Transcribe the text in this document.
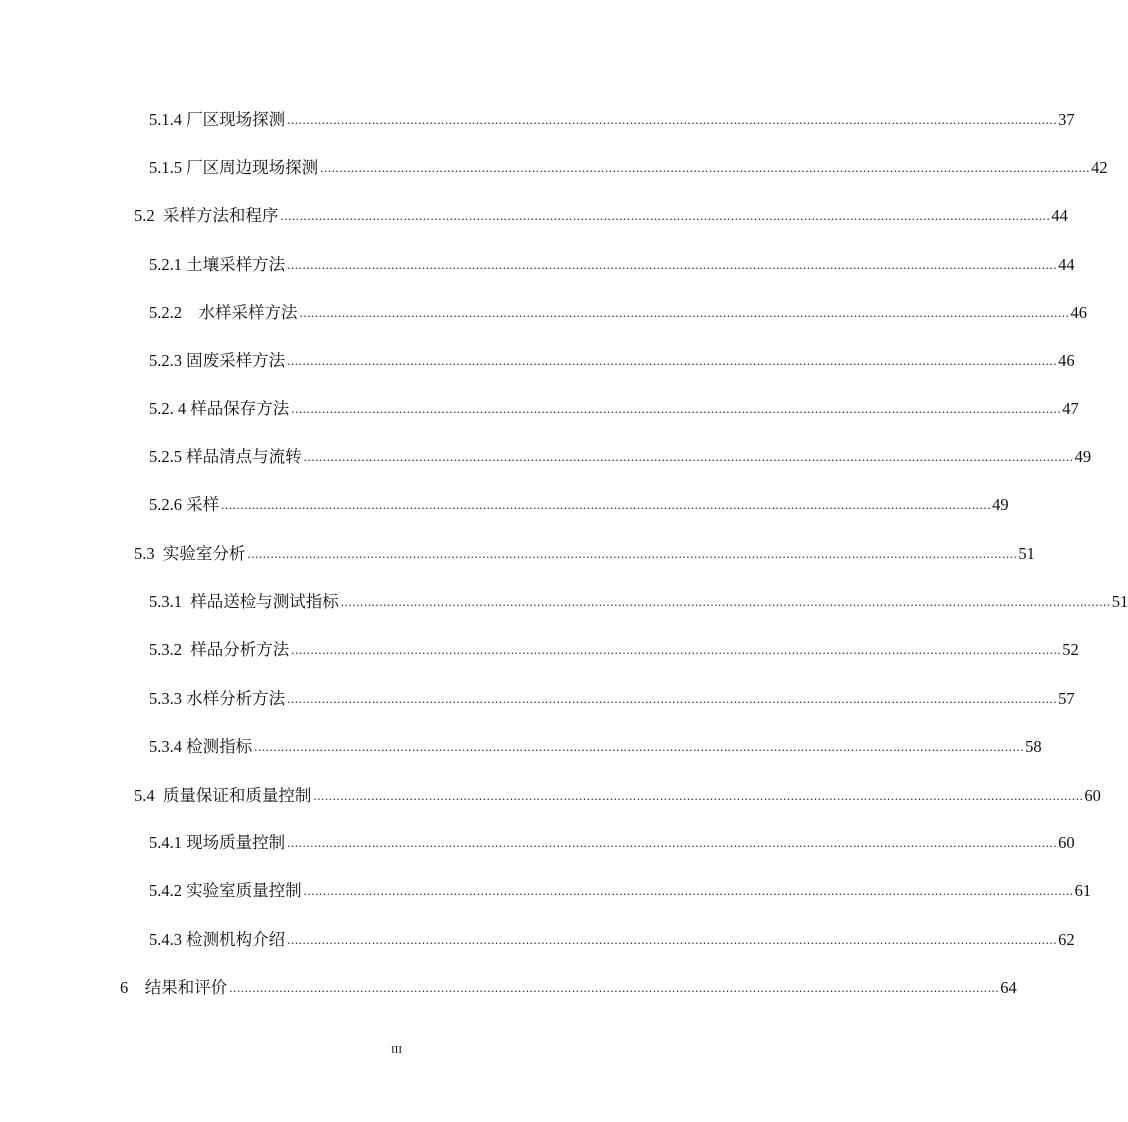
5.1.4 厂区现场探测 ........................................................................................................................................................................................................ 37
5.1.5 厂区周边现场探测 ........................................................................................................................................................................................................ 42
5.2  采样方法和程序 ........................................................................................................................................................................................................ 44
5.2.1 土壤采样方法 ........................................................................................................................................................................................................ 44
5.2.2    水样采样方法 ........................................................................................................................................................................................................ 46
5.2.3 固废采样方法 ........................................................................................................................................................................................................ 46
5.2. 4 样品保存方法 ........................................................................................................................................................................................................ 47
5.2.5 样品清点与流转 ........................................................................................................................................................................................................ 49
5.2.6 采样 ........................................................................................................................................................................................................ 49
5.3  实验室分析 ........................................................................................................................................................................................................ 51
5.3.1  样品送检与测试指标 ........................................................................................................................................................................................................ 51
5.3.2  样品分析方法 ........................................................................................................................................................................................................ 52
5.3.3 水样分析方法 ........................................................................................................................................................................................................ 57
5.3.4 检测指标 ........................................................................................................................................................................................................ 58
5.4  质量保证和质量控制 ........................................................................................................................................................................................................ 60
5.4.1 现场质量控制 ........................................................................................................................................................................................................ 60
5.4.2 实验室质量控制 ........................................................................................................................................................................................................ 61
5.4.3 检测机构介绍 ........................................................................................................................................................................................................ 62
6    结果和评价 ........................................................................................................................................................................................................ 64
III
